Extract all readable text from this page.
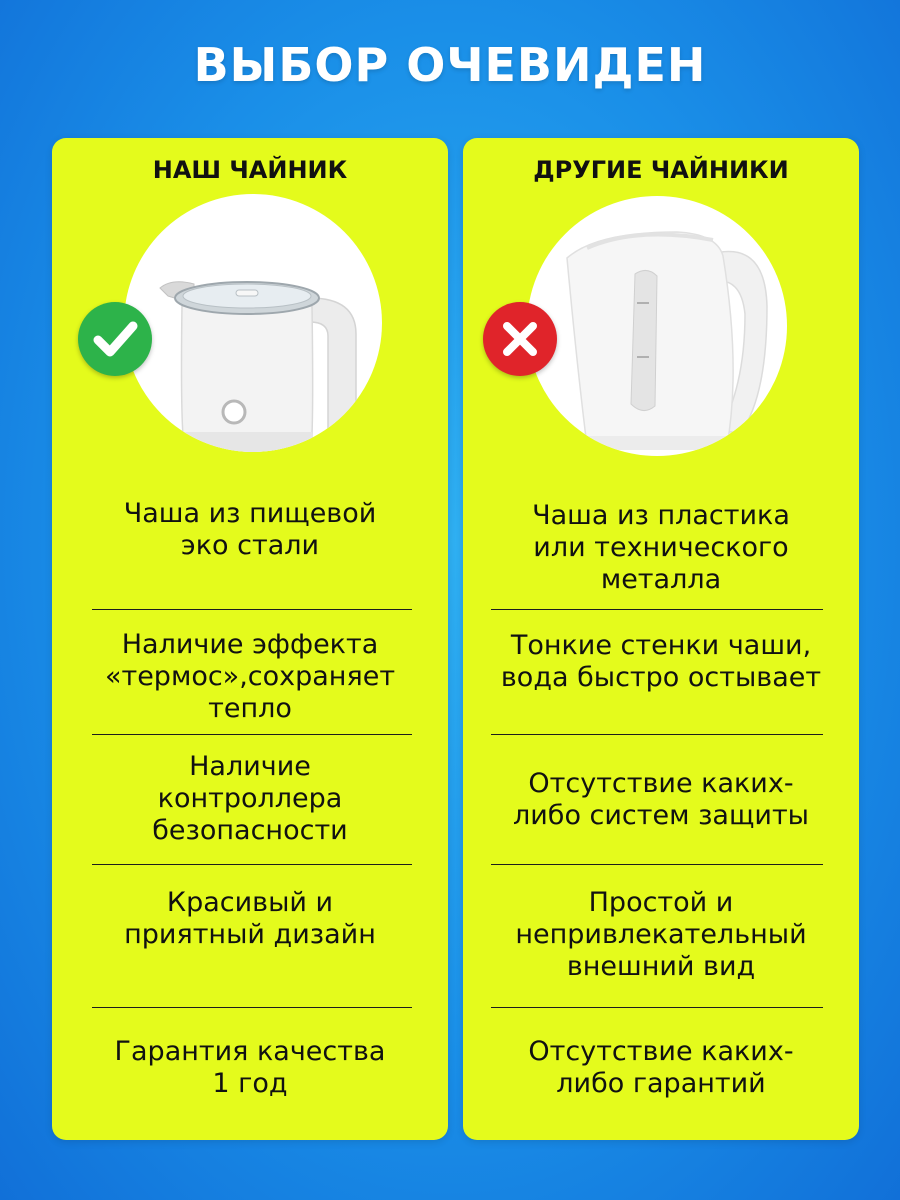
ВЫБОР ОЧЕВИДЕН
НАШ ЧАЙНИК
Чаша из пищевой
эко стали
Наличие эффекта
«термос»,сохраняет
тепло
Наличие
контроллера
безопасности
Красивый и
приятный дизайн
Гарантия качества
1 год
ДРУГИЕ ЧАЙНИКИ
Чаша из пластика
или технического
металла
Тонкие стенки чаши,
вода быстро остывает
Отсутствие каких-
либо систем защиты
Простой и
непривлекательный
внешний вид
Отсутствие каких-
либо гарантий
